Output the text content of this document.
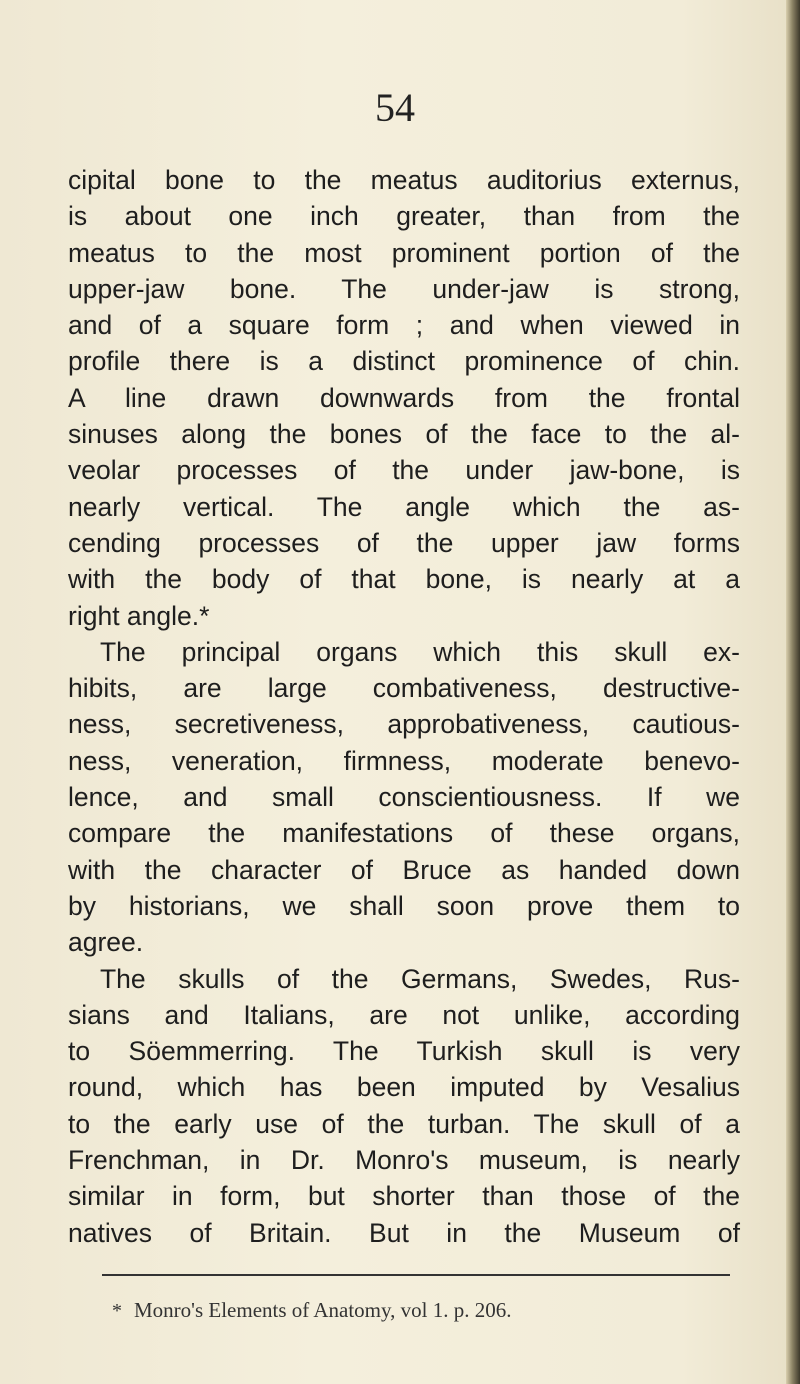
54
cipital bone to the meatus auditorius externus,
is about one inch greater, than from the
meatus to the most prominent portion of the
upper-jaw bone. The under-jaw is strong,
and of a square form ; and when viewed in
profile there is a distinct prominence of chin.
A line drawn downwards from the frontal
sinuses along the bones of the face to the al-
veolar processes of the under jaw-bone, is
nearly vertical. The angle which the as-
cending processes of the upper jaw forms
with the body of that bone, is nearly at a
right angle.*
The principal organs which this skull ex-
hibits, are large combativeness, destructive-
ness, secretiveness, approbativeness, cautious-
ness, veneration, firmness, moderate benevo-
lence, and small conscientiousness. If we
compare the manifestations of these organs,
with the character of Bruce as handed down
by historians, we shall soon prove them to
agree.
The skulls of the Germans, Swedes, Rus-
sians and Italians, are not unlike, according
to Söemmerring. The Turkish skull is very
round, which has been imputed by Vesalius
to the early use of the turban. The skull of a
Frenchman, in Dr. Monro's museum, is nearly
similar in form, but shorter than those of the
natives of Britain. But in the Museum of
* Monro's Elements of Anatomy, vol 1. p. 206.
